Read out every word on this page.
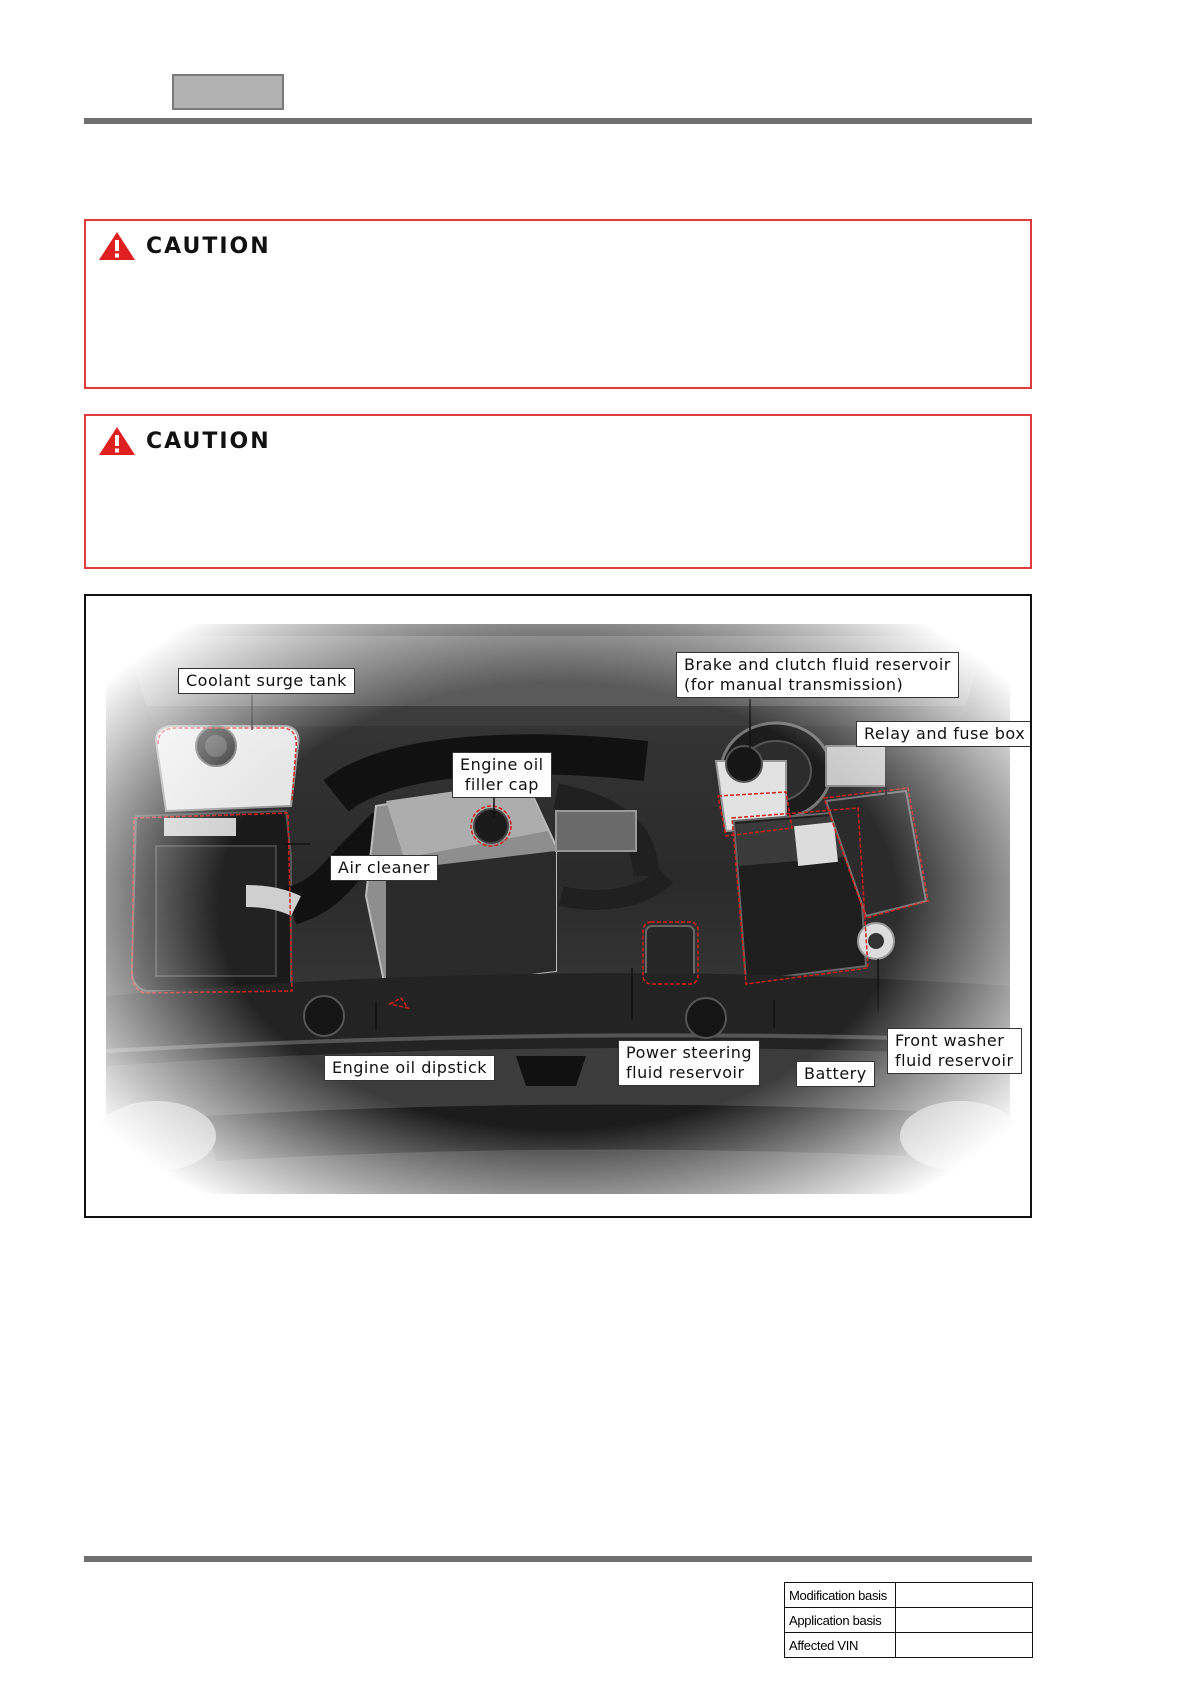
CAUTION
CAUTION
Coolant surge tank
Brake and clutch fluid reservoir
(for manual transmission)
Relay and fuse box
Engine oil
filler cap
Air cleaner
Engine oil dipstick
Power steering
fluid reservoir	Battery
Front washer
fluid reservoir
Modification basis	
Application basis	
Affected VIN	
